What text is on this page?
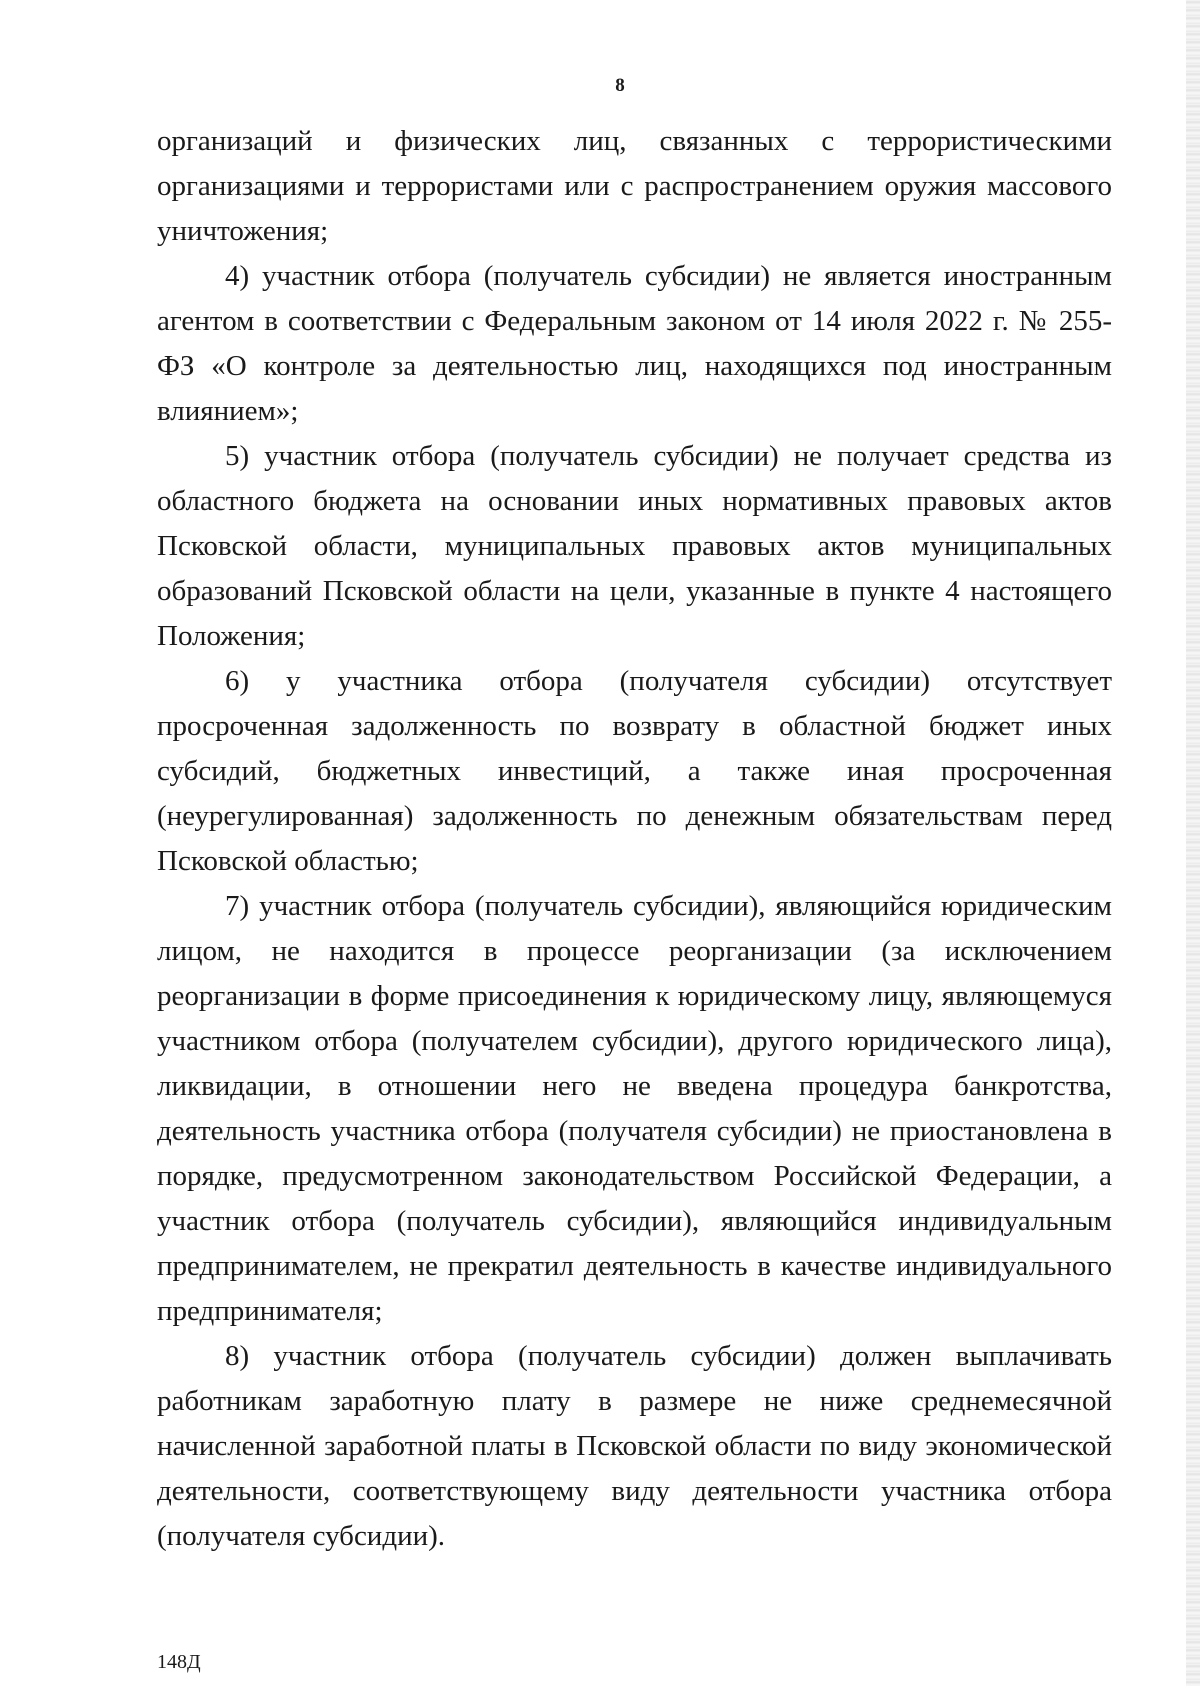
8

организаций и физических лиц, связанных с террористическими организациями и террористами или с распространением оружия массового уничтожения;

4) участник отбора (получатель субсидии) не является иностранным агентом в соответствии с Федеральным законом от 14 июля 2022 г. № 255-ФЗ «О контроле за деятельностью лиц, находящихся под иностранным влиянием»;

5) участник отбора (получатель субсидии) не получает средства из областного бюджета на основании иных нормативных правовых актов Псковской области, муниципальных правовых актов муниципальных образований Псковской области на цели, указанные в пункте 4 настоящего Положения;

6) у участника отбора (получателя субсидии) отсутствует просроченная задолженность по возврату в областной бюджет иных субсидий, бюджетных инвестиций, а также иная просроченная (неурегулированная) задолженность по денежным обязательствам перед Псковской областью;

7) участник отбора (получатель субсидии), являющийся юридическим лицом, не находится в процессе реорганизации (за исключением реорганизации в форме присоединения к юридическому лицу, являющемуся участником отбора (получателем субсидии), другого юридического лица), ликвидации, в отношении него не введена процедура банкротства, деятельность участника отбора (получателя субсидии) не приостановлена в порядке, предусмотренном законодательством Российской Федерации, а участник отбора (получатель субсидии), являющийся индивидуальным предпринимателем, не прекратил деятельность в качестве индивидуального предпринимателя;

8) участник отбора (получатель субсидии) должен выплачивать работникам заработную плату в размере не ниже среднемесячной начисленной заработной платы в Псковской области по виду экономической деятельности, соответствующему виду деятельности участника отбора (получателя субсидии).

148Д
